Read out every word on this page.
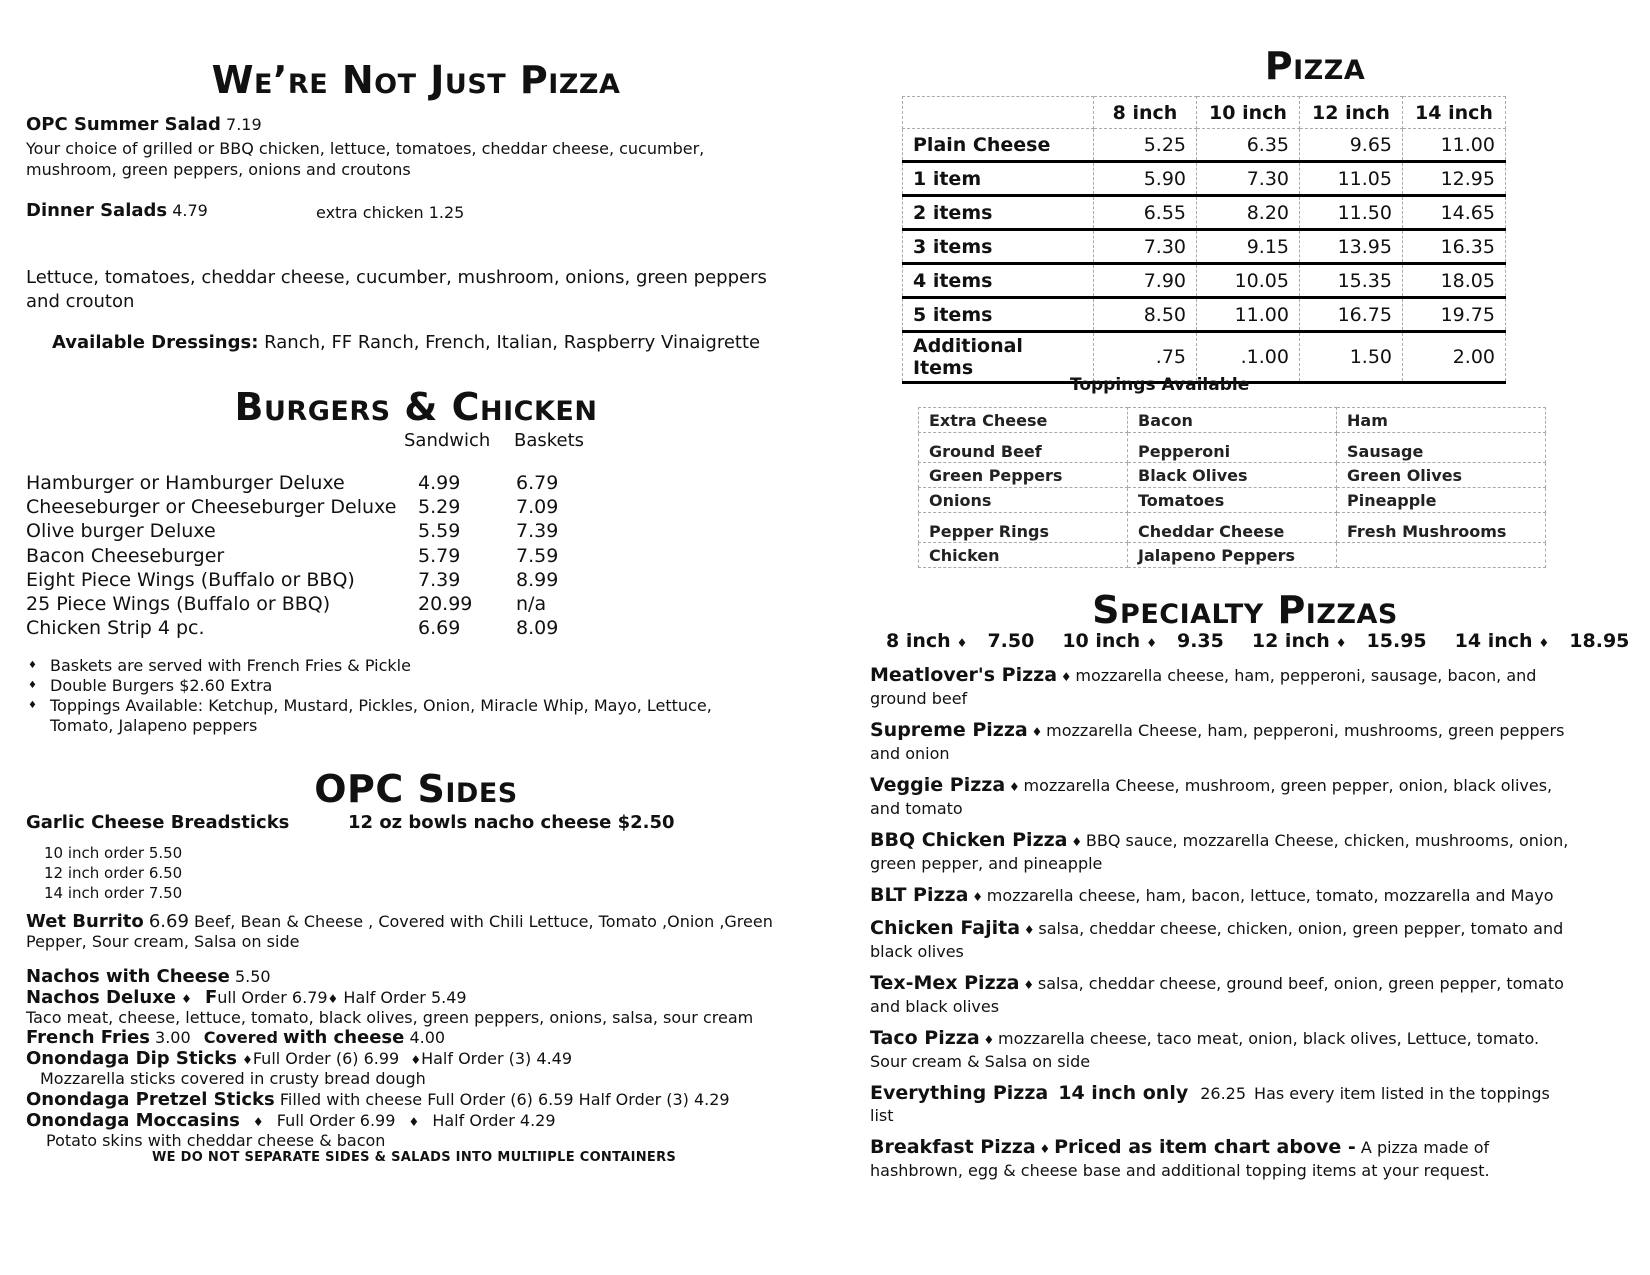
We’re Not Just Pizza
OPC Summer Salad 7.19
Your choice of grilled or BBQ chicken, lettuce, tomatoes, cheddar cheese, cucumber, mushroom, green peppers, onions and croutons
Dinner Salads 4.79	extra chicken 1.25
Lettuce, tomatoes, cheddar cheese, cucumber, mushroom, onions, green peppers and crouton
Available Dressings: Ranch, FF Ranch, French, Italian, Raspberry Vinaigrette
Burgers & Chicken
Sandwich Baskets
Hamburger or Hamburger Deluxe	4.99	6.79
Cheeseburger or Cheeseburger Deluxe 5.29	7.09
Olive burger Deluxe	5.59	7.39
Bacon Cheeseburger	5.79	7.59
Eight Piece Wings (Buffalo or BBQ)	7.39	8.99
25 Piece Wings (Buffalo or BBQ)	20.99	n/a
Chicken Strip 4 pc.	6.69	8.09
♦ Baskets are served with French Fries & Pickle
♦ Double Burgers $2.60 Extra
♦ Toppings Available: Ketchup, Mustard, Pickles, Onion, Miracle Whip, Mayo, Lettuce, Tomato, Jalapeno peppers
OPC Sides
Garlic Cheese Breadsticks	12 oz bowls nacho cheese $2.50
10 inch order 5.50
12 inch order 6.50
14 inch order 7.50
Wet Burrito 6.69 Beef, Bean & Cheese , Covered with Chili Lettuce, Tomato ,Onion ,Green Pepper, Sour cream, Salsa on side
Nachos with Cheese 5.50
Nachos Deluxe ♦ Full Order 6.79♦ Half Order 5.49
Taco meat, cheese, lettuce, tomato, black olives, green peppers, onions, salsa, sour cream
French Fries 3.00 Covered with cheese 4.00
Onondaga Dip Sticks ♦Full Order (6) 6.99 ♦Half Order (3) 4.49
Mozzarella sticks covered in crusty bread dough
Onondaga Pretzel Sticks Filled with cheese Full Order (6) 6.59 Half Order (3) 4.29
Onondaga Moccasins ♦ Full Order 6.99 ♦ Half Order 4.29
Potato skins with cheddar cheese & bacon
WE DO NOT SEPARATE SIDES & SALADS INTO MULTIIPLE CONTAINERS
Pizza
	8 inch	10 inch	12 inch	14 inch
Plain Cheese	5.25	6.35	9.65	11.00
1 item	5.90	7.30	11.05	12.95
2 items	6.55	8.20	11.50	14.65
3 items	7.30	9.15	13.95	16.35
4 items	7.90	10.05	15.35	18.05
5 items	8.50	11.00	16.75	19.75
Additional Items	.75	.1.00	1.50	2.00
Toppings Available
Extra Cheese	Bacon	Ham
Ground Beef	Pepperoni	Sausage
Green Peppers	Black Olives	Green Olives
Onions	Tomatoes	Pineapple
Pepper Rings	Cheddar Cheese	Fresh Mushrooms
Chicken	Jalapeno Peppers	
Specialty Pizzas
8 inch ♦ 7.50 10 inch ♦ 9.35 12 inch ♦ 15.95 14 inch ♦ 18.95

Meatlover's Pizza ♦ mozzarella cheese, ham, pepperoni, sausage, bacon, and ground beef

Supreme Pizza ♦ mozzarella Cheese, ham, pepperoni, mushrooms, green peppers and onion

Veggie Pizza ♦ mozzarella Cheese, mushroom, green pepper, onion, black olives, and tomato

BBQ Chicken Pizza ♦ BBQ sauce, mozzarella Cheese, chicken, mushrooms, onion, green pepper, and pineapple

BLT Pizza ♦ mozzarella cheese, ham, bacon, lettuce, tomato, mozzarella and Mayo

Chicken Fajita ♦ salsa, cheddar cheese, chicken, onion, green pepper, tomato and black olives

Tex-Mex Pizza ♦ salsa, cheddar cheese, ground beef, onion, green pepper, tomato and black olives

Taco Pizza ♦ mozzarella cheese, taco meat, onion, black olives, Lettuce, tomato. Sour cream & Salsa on side

Everything Pizza 14 inch only 26.25 Has every item listed in the toppings list

Breakfast Pizza ♦ Priced as item chart above - A pizza made of hashbrown, egg & cheese base and additional topping items at your request.
